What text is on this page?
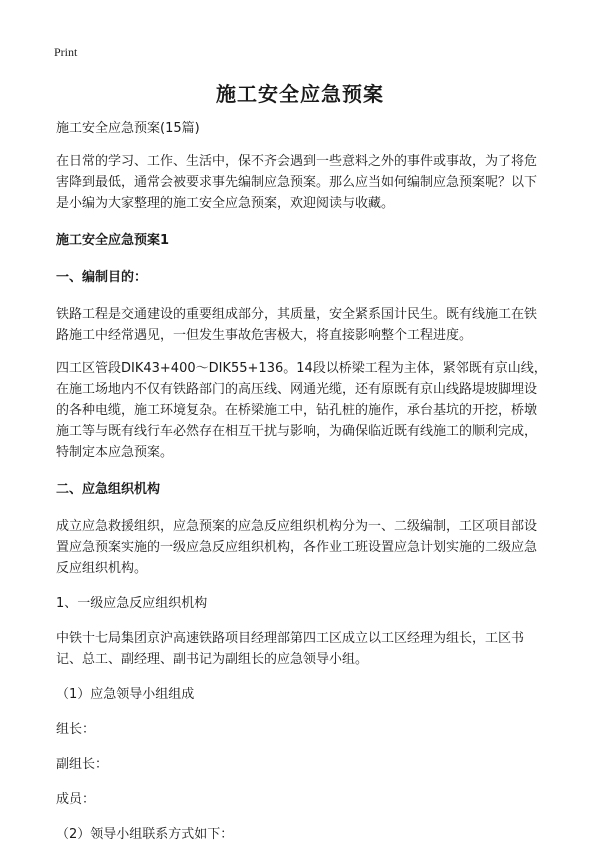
Print
施工安全应急预案

施工安全应急预案(15篇)

在日常的学习、工作、生活中，保不齐会遇到一些意料之外的事件或事故，为了将危害降到最低，通常会被要求事先编制应急预案。那么应当如何编制应急预案呢？以下是小编为大家整理的施工安全应急预案，欢迎阅读与收藏。

施工安全应急预案1

一、编制目的：

铁路工程是交通建设的重要组成部分，其质量，安全紧系国计民生。既有线施工在铁路施工中经常遇见，一但发生事故危害极大，将直接影响整个工程进度。

四工区管段DIK43+400～DIK55+136。14段以桥梁工程为主体，紧邻既有京山线，在施工场地内不仅有铁路部门的高压线、网通光缆，还有原既有京山线路堤坡脚埋设的各种电缆，施工环境复杂。在桥梁施工中，钻孔桩的施作，承台基坑的开挖，桥墩施工等与既有线行车必然存在相互干扰与影响，为确保临近既有线施工的顺利完成，特制定本应急预案。

二、应急组织机构

成立应急救援组织，应急预案的应急反应组织机构分为一、二级编制，工区项目部设置应急预案实施的一级应急反应组织机构，各作业工班设置应急计划实施的二级应急反应组织机构。

1、一级应急反应组织机构

中铁十七局集团京沪高速铁路项目经理部第四工区成立以工区经理为组长，工区书记、总工、副经理、副书记为副组长的应急领导小组。

（1）应急领导小组组成

组长：

副组长：

成员：

（2）领导小组联系方式如下：
